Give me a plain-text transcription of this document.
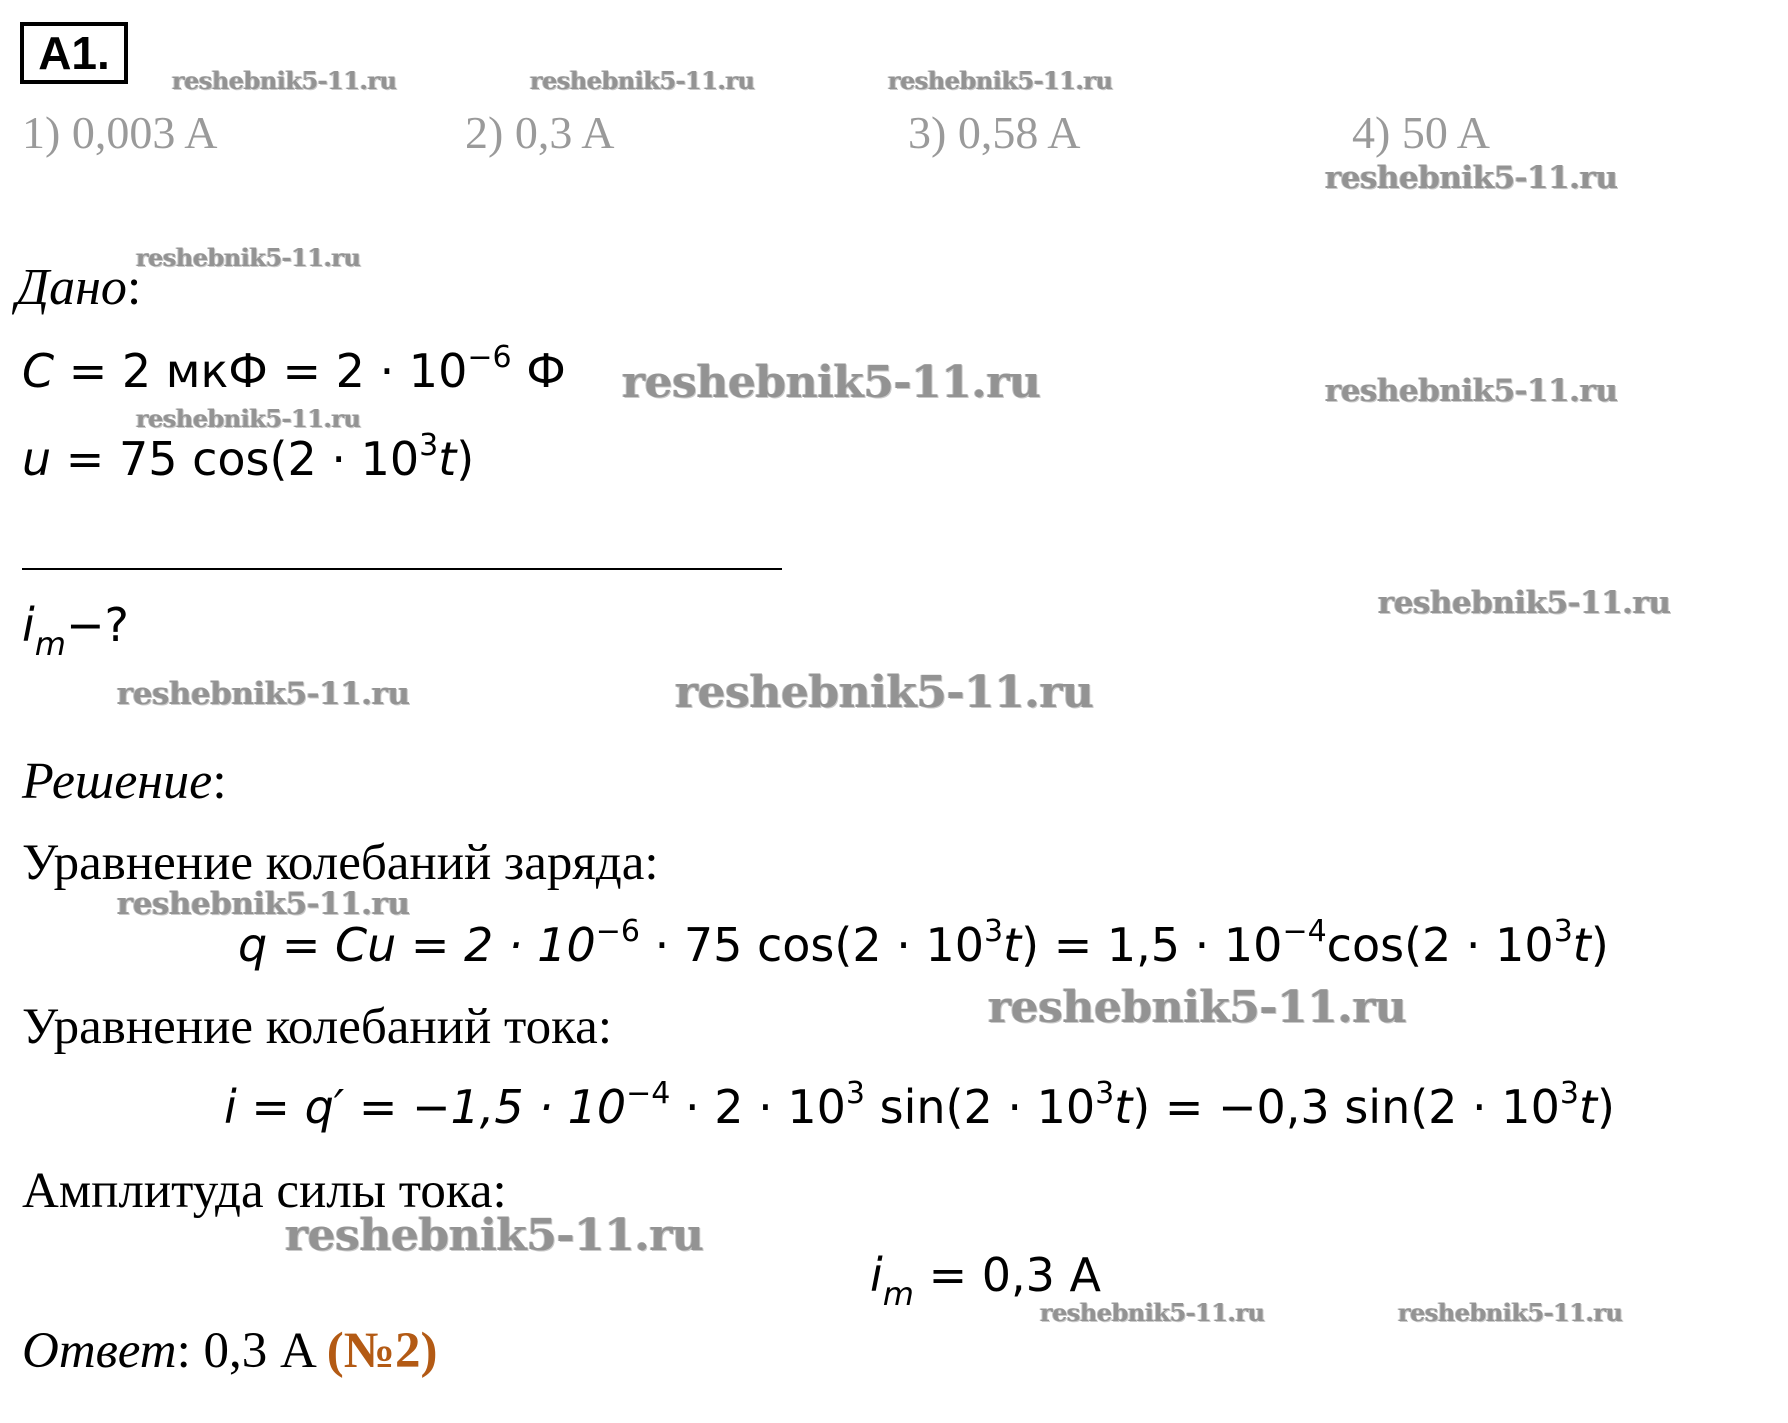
A1.
1) 0,003 A	2) 0,3 A	3) 0,58 A	4) 50 A
Дано:
C = 2 мкФ = $2 \cdot 10^{-6}$ Ф
u = 75 $\cos(2 \cdot 10^3t)$
$i_m-$?
Решение:
Уравнение колебаний заряда:
$q = Cu = 2 \cdot 10^{-6} \cdot 75$ $\cos(2 \cdot 10^3t) = 1,5 \cdot 10^{-4}\cos(2 \cdot 10^3t)$
Уравнение колебаний тока:
$i = q' = -1,5 \cdot 10^{-4} \cdot 2 \cdot 10^3$ $\sin(2 \cdot 10^3t) = -0,3$ $\sin(2 \cdot 10^3t)$
Амплитуда силы тока:
$i_m = 0,3$ A
Ответ: 0,3 A (№2)
reshebnik5-11.ru	reshebnik5-11.ru	reshebnik5-11.ru
reshebnik5-11.ru
reshebnik5-11.ru
reshebnik5-11.ru	reshebnik5-11.ru
reshebnik5-11.ru
reshebnik5-11.ru
reshebnik5-11.ru	reshebnik5-11.ru
reshebnik5-11.ru
reshebnik5-11.ru
reshebnik5-11.ru
reshebnik5-11.ru	reshebnik5-11.ru
